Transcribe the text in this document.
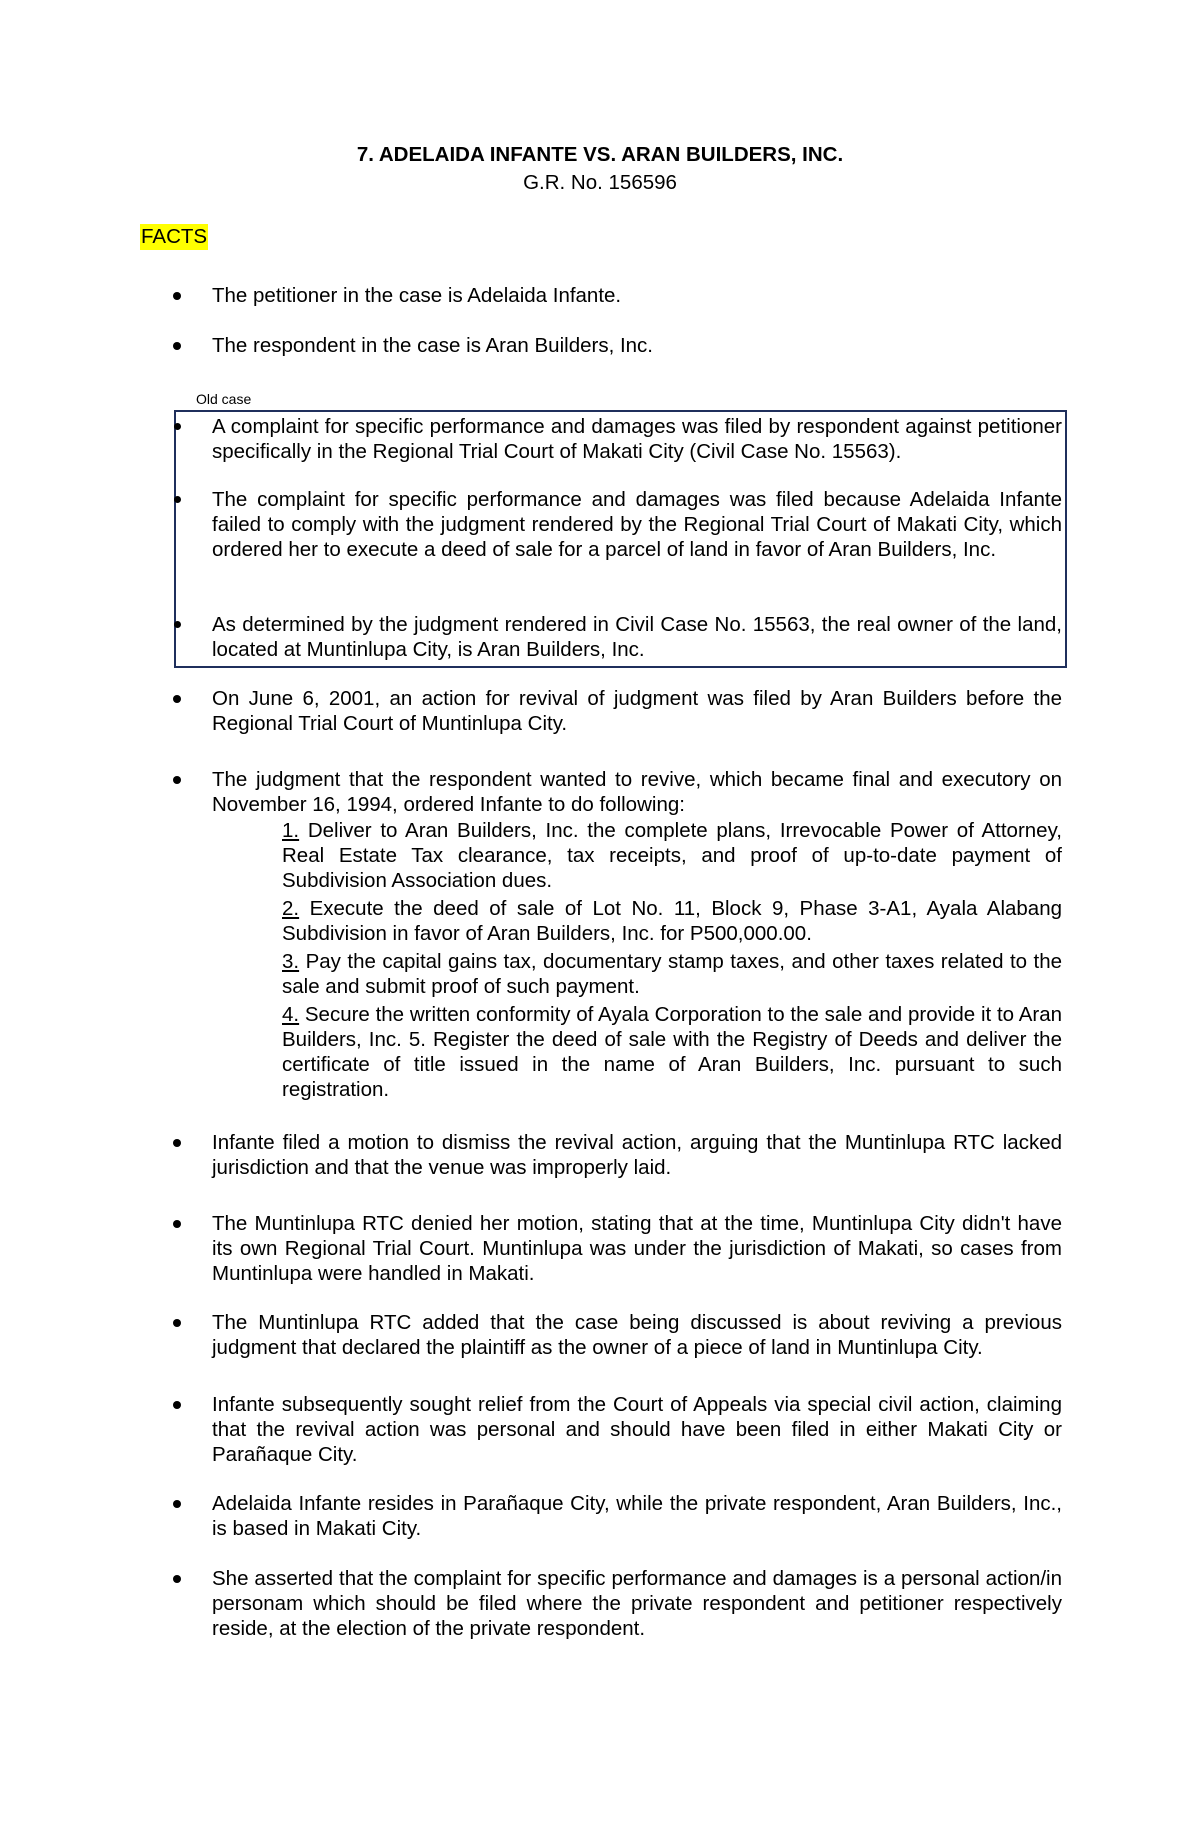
7. ADELAIDA INFANTE VS. ARAN BUILDERS, INC.
G.R. No. 156596
FACTS
The petitioner in the case is Adelaida Infante.
The respondent in the case is Aran Builders, Inc.
Old case
A complaint for specific performance and damages was filed by respondent against petitioner specifically in the Regional Trial Court of Makati City (Civil Case No. 15563).
The complaint for specific performance and damages was filed because Adelaida Infante failed to comply with the judgment rendered by the Regional Trial Court of Makati City, which ordered her to execute a deed of sale for a parcel of land in favor of Aran Builders, Inc.
As determined by the judgment rendered in Civil Case No. 15563, the real owner of the land, located at Muntinlupa City, is Aran Builders, Inc.
On June 6, 2001, an action for revival of judgment was filed by Aran Builders before the Regional Trial Court of Muntinlupa City.
The judgment that the respondent wanted to revive, which became final and executory on November 16, 1994, ordered Infante to do following:
1. Deliver to Aran Builders, Inc. the complete plans, Irrevocable Power of Attorney, Real Estate Tax clearance, tax receipts, and proof of up-to-date payment of Subdivision Association dues.
2. Execute the deed of sale of Lot No. 11, Block 9, Phase 3-A1, Ayala Alabang Subdivision in favor of Aran Builders, Inc. for P500,000.00.
3. Pay the capital gains tax, documentary stamp taxes, and other taxes related to the sale and submit proof of such payment.
4. Secure the written conformity of Ayala Corporation to the sale and provide it to Aran Builders, Inc. 5. Register the deed of sale with the Registry of Deeds and deliver the certificate of title issued in the name of Aran Builders, Inc. pursuant to such registration.
Infante filed a motion to dismiss the revival action, arguing that the Muntinlupa RTC lacked jurisdiction and that the venue was improperly laid.
The Muntinlupa RTC denied her motion, stating that at the time, Muntinlupa City didn't have its own Regional Trial Court. Muntinlupa was under the jurisdiction of Makati, so cases from Muntinlupa were handled in Makati.
The Muntinlupa RTC added that the case being discussed is about reviving a previous judgment that declared the plaintiff as the owner of a piece of land in Muntinlupa City.
Infante subsequently sought relief from the Court of Appeals via special civil action, claiming that the revival action was personal and should have been filed in either Makati City or Parañaque City.
Adelaida Infante resides in Parañaque City, while the private respondent, Aran Builders, Inc., is based in Makati City.
She asserted that the complaint for specific performance and damages is a personal action/in personam which should be filed where the private respondent and petitioner respectively reside, at the election of the private respondent.
